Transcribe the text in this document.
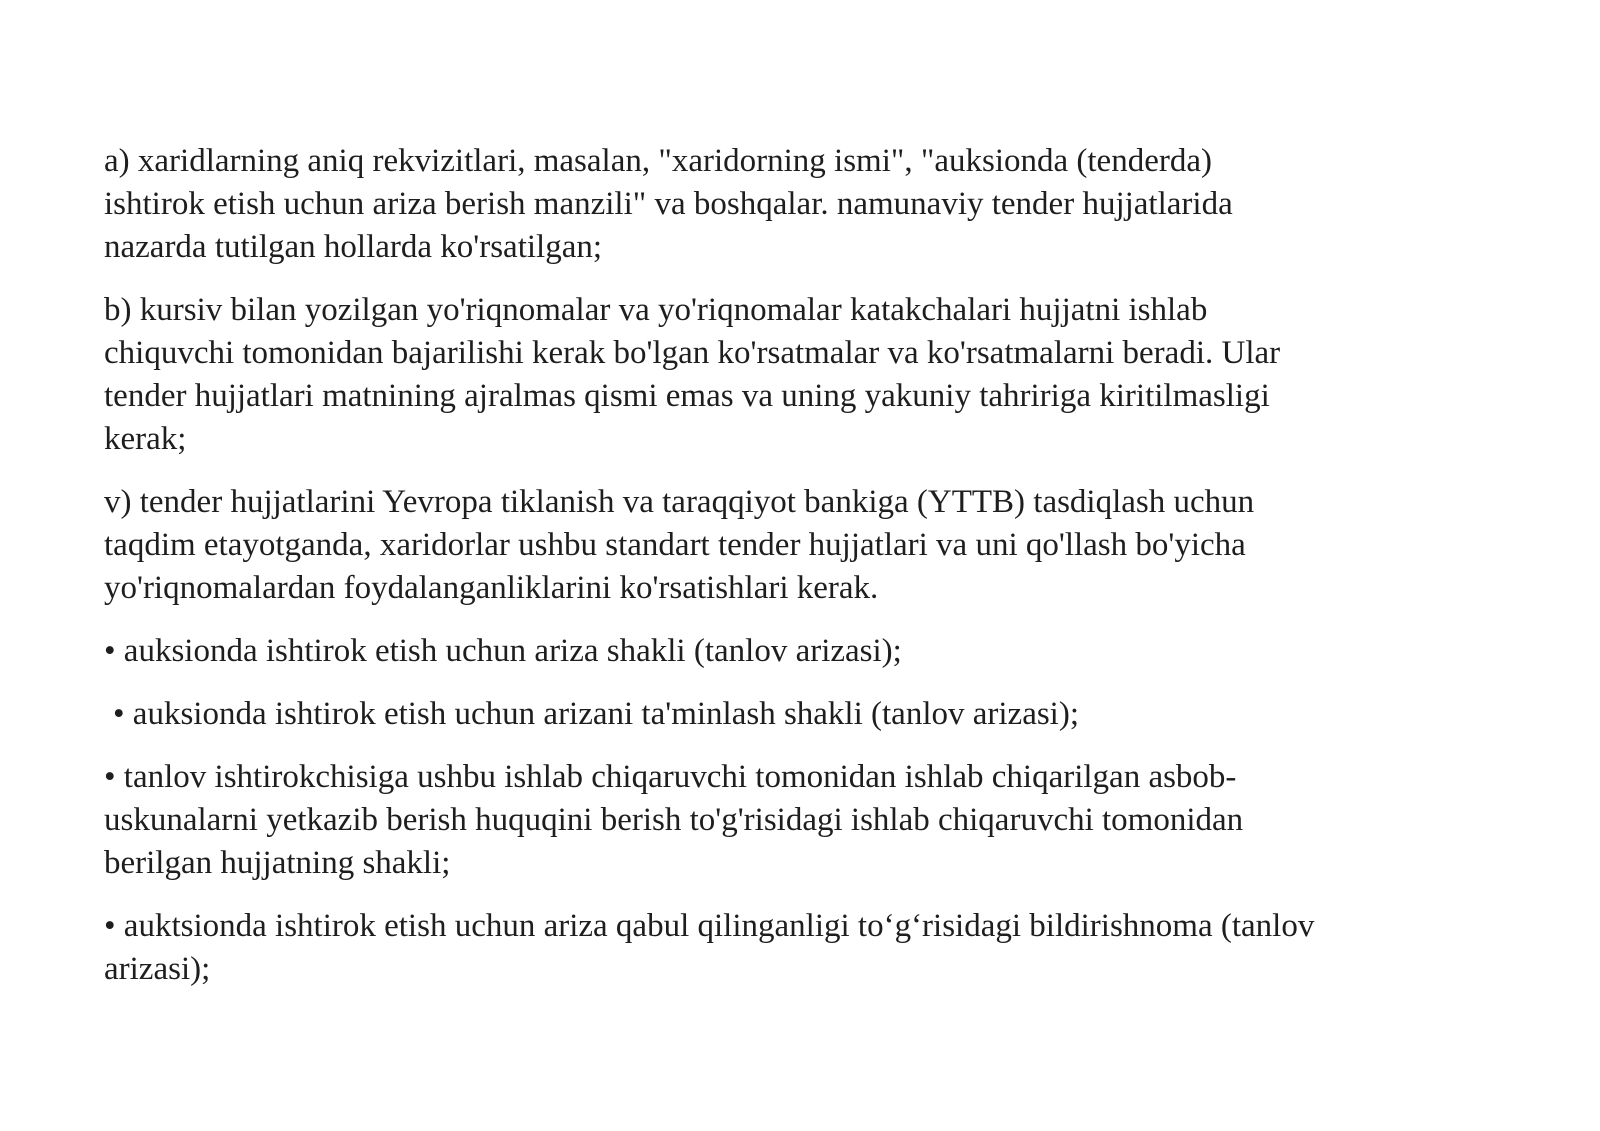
a) xaridlarning aniq rekvizitlari, masalan, "xaridorning ismi", "auksionda (tenderda)
ishtirok etish uchun ariza berish manzili" va boshqalar. namunaviy tender hujjatlarida
nazarda tutilgan hollarda ko'rsatilgan;

b) kursiv bilan yozilgan yo'riqnomalar va yo'riqnomalar katakchalari hujjatni ishlab
chiquvchi tomonidan bajarilishi kerak bo'lgan ko'rsatmalar va ko'rsatmalarni beradi. Ular
tender hujjatlari matnining ajralmas qismi emas va uning yakuniy tahririga kiritilmasligi
kerak;

v) tender hujjatlarini Yevropa tiklanish va taraqqiyot bankiga (YTTB) tasdiqlash uchun
taqdim etayotganda, xaridorlar ushbu standart tender hujjatlari va uni qo'llash bo'yicha
yo'riqnomalardan foydalanganliklarini ko'rsatishlari kerak.

• auksionda ishtirok etish uchun ariza shakli (tanlov arizasi);

• auksionda ishtirok etish uchun arizani ta'minlash shakli (tanlov arizasi);

• tanlov ishtirokchisiga ushbu ishlab chiqaruvchi tomonidan ishlab chiqarilgan asbob-
uskunalarni yetkazib berish huquqini berish to'g'risidagi ishlab chiqaruvchi tomonidan
berilgan hujjatning shakli;

• auktsionda ishtirok etish uchun ariza qabul qilinganligi to‘g‘risidagi bildirishnoma (tanlov
arizasi);
